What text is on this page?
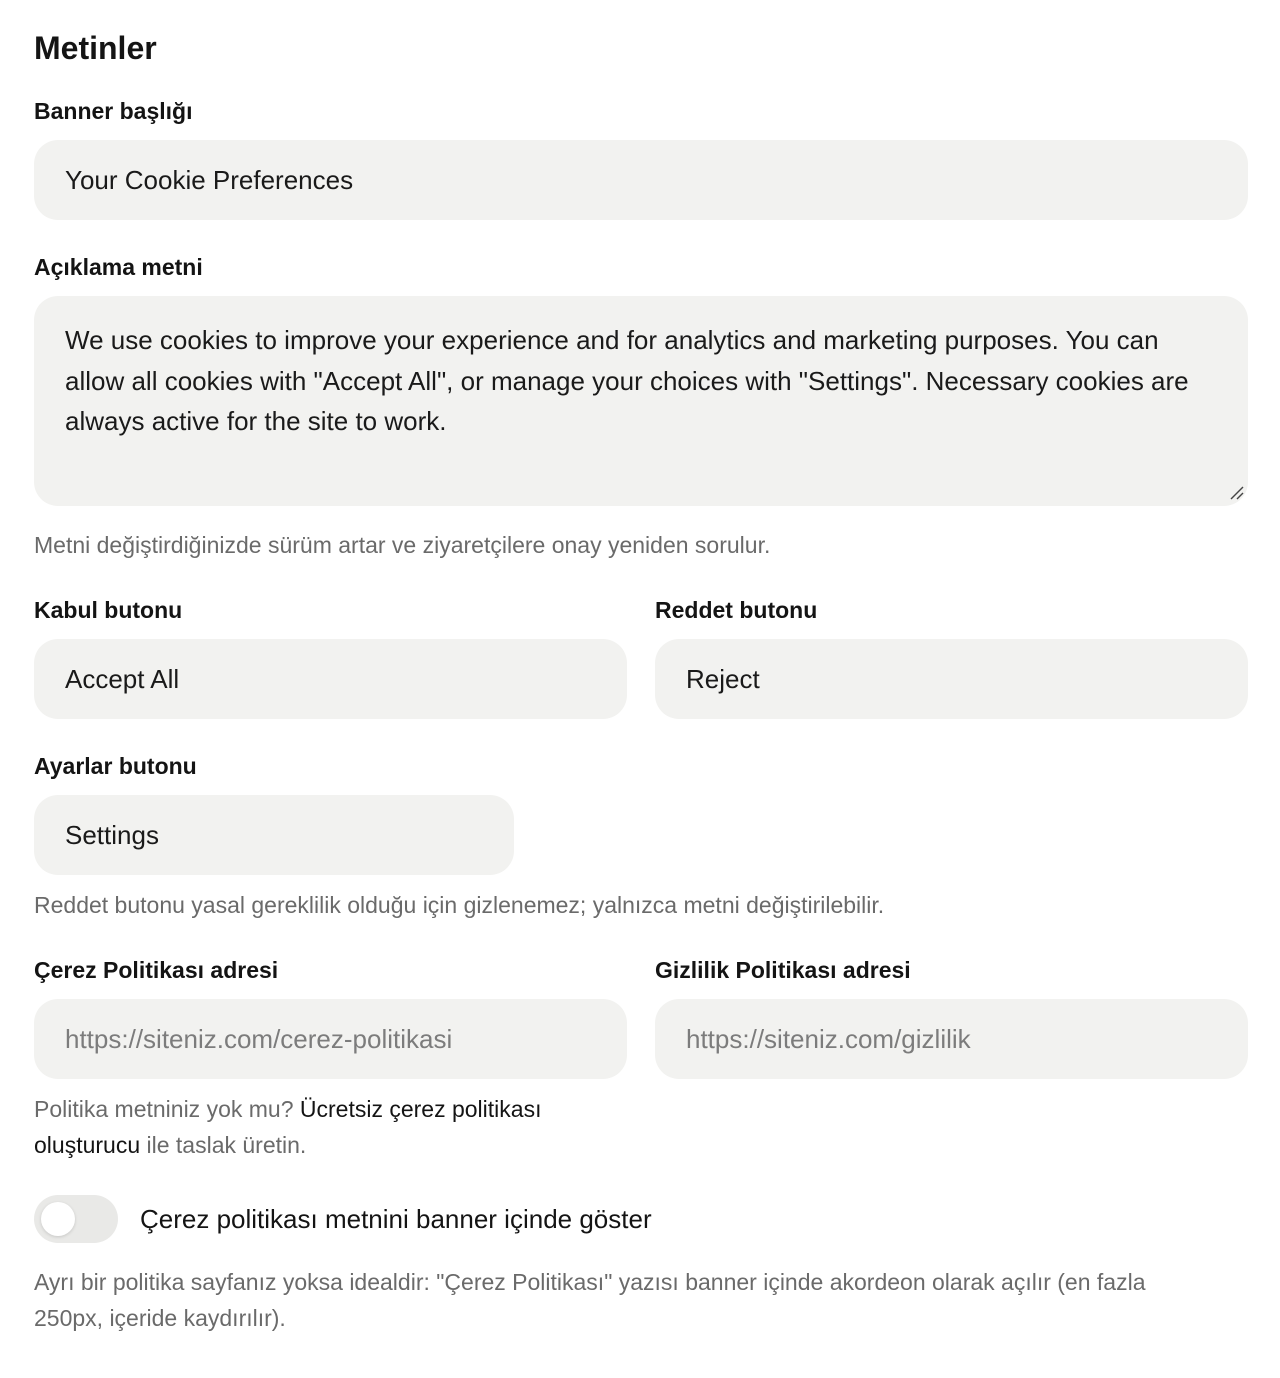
Metinler
Banner başlığı
Your Cookie Preferences
Açıklama metni
We use cookies to improve your experience and for analytics and marketing purposes. You can allow all cookies with "Accept All", or manage your choices with "Settings". Necessary cookies are always active for the site to work.
Metni değiştirdiğinizde sürüm artar ve ziyaretçilere onay yeniden sorulur.
Kabul butonu
Accept All	Reddet butonu
Reject
Ayarlar butonu
Settings
Reddet butonu yasal gereklilik olduğu için gizlenemez; yalnızca metni değiştirilebilir.
Çerez Politikası adresi
https://siteniz.com/cerez-politikasi	Gizlilik Politikası adresi
https://siteniz.com/gizlilik
Politika metniniz yok mu? Ücretsiz çerez politikası oluşturucu ile taslak üretin.
Çerez politikası metnini banner içinde göster
Ayrı bir politika sayfanız yoksa idealdir: "Çerez Politikası" yazısı banner içinde akordeon olarak açılır (en fazla 250px, içeride kaydırılır).
